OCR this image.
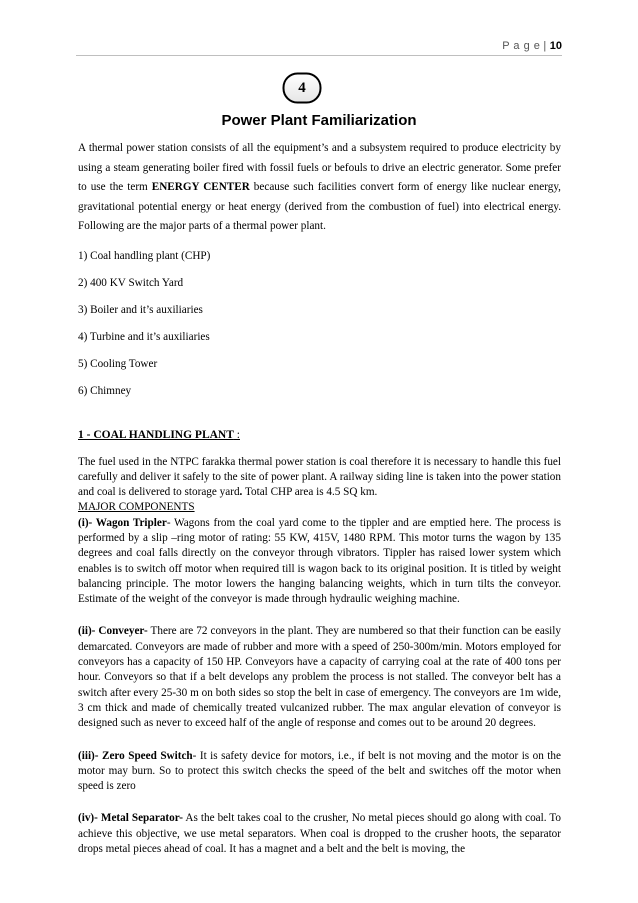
P a g e | 10
4
Power Plant Familiarization

A thermal power station consists of all the equipment’s and a subsystem required to produce electricity by using a steam generating boiler fired with fossil fuels or befouls to drive an electric generator. Some prefer to use the term ENERGY CENTER because such facilities convert form of energy like nuclear energy, gravitational potential energy or heat energy (derived from the combustion of fuel) into electrical energy. Following are the major parts of a thermal power plant.

1) Coal handling plant (CHP)
2) 400 KV Switch Yard
3) Boiler and it’s auxiliaries
4) Turbine and it’s auxiliaries
5) Cooling Tower
6) Chimney
1 - COAL HANDLING PLANT :

The fuel used in the NTPC farakka thermal power station is coal therefore it is necessary to handle this fuel carefully and deliver it safely to the site of power plant. A railway siding line is taken into the power station and coal is delivered to storage yard. Total CHP area is 4.5 SQ km.
MAJOR COMPONENTS
(i)- Wagon Tripler- Wagons from the coal yard come to the tippler and are emptied here. The process is performed by a slip –ring motor of rating: 55 KW, 415V, 1480 RPM. This motor turns the wagon by 135 degrees and coal falls directly on the conveyor through vibrators. Tippler has raised lower system which enables is to switch off motor when required till is wagon back to its original position. It is titled by weight balancing principle. The motor lowers the hanging balancing weights, which in turn tilts the conveyor. Estimate of the weight of the conveyor is made through hydraulic weighing machine.

(ii)- Conveyer- There are 72 conveyors in the plant. They are numbered so that their function can be easily demarcated. Conveyors are made of rubber and more with a speed of 250-300m/min. Motors employed for conveyors has a capacity of 150 HP. Conveyors have a capacity of carrying coal at the rate of 400 tons per hour. Conveyors so that if a belt develops any problem the process is not stalled. The conveyor belt has a switch after every 25-30 m on both sides so stop the belt in case of emergency. The conveyors are 1m wide, 3 cm thick and made of chemically treated vulcanized rubber. The max angular elevation of conveyor is designed such as never to exceed half of the angle of response and comes out to be around 20 degrees.

(iii)- Zero Speed Switch- It is safety device for motors, i.e., if belt is not moving and the motor is on the motor may burn. So to protect this switch checks the speed of the belt and switches off the motor when speed is zero

(iv)- Metal Separator- As the belt takes coal to the crusher, No metal pieces should go along with coal. To achieve this objective, we use metal separators. When coal is dropped to the crusher hoots, the separator drops metal pieces ahead of coal. It has a magnet and a belt and the belt is moving, the
